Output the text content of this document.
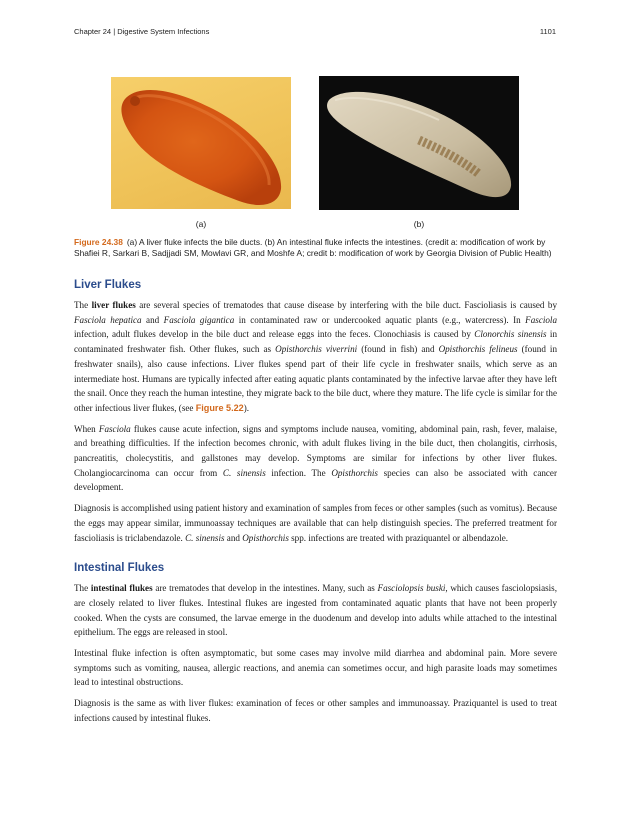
Chapter 24 | Digestive System Infections	1101
(a)	(b)
Figure 24.38 (a) A liver fluke infects the bile ducts. (b) An intestinal fluke infects the intestines. (credit a: modification of work by Shafiei R, Sarkari B, Sadjjadi SM, Mowlavi GR, and Moshfe A; credit b: modification of work by Georgia Division of Public Health)
Liver Flukes

The liver flukes are several species of trematodes that cause disease by interfering with the bile duct. Fascioliasis is caused by Fasciola hepatica and Fasciola gigantica in contaminated raw or undercooked aquatic plants (e.g., watercress). In Fasciola infection, adult flukes develop in the bile duct and release eggs into the feces. Clonochiasis is caused by Clonorchis sinensis in contaminated freshwater fish. Other flukes, such as Opisthorchis viverrini (found in fish) and Opisthorchis felineus (found in freshwater snails), also cause infections. Liver flukes spend part of their life cycle in freshwater snails, which serve as an intermediate host. Humans are typically infected after eating aquatic plants contaminated by the infective larvae after they have left the snail. Once they reach the human intestine, they migrate back to the bile duct, where they mature. The life cycle is similar for the other infectious liver flukes, (see Figure 5.22).

When Fasciola flukes cause acute infection, signs and symptoms include nausea, vomiting, abdominal pain, rash, fever, malaise, and breathing difficulties. If the infection becomes chronic, with adult flukes living in the bile duct, then cholangitis, cirrhosis, pancreatitis, cholecystitis, and gallstones may develop. Symptoms are similar for infections by other liver flukes. Cholangiocarcinoma can occur from C. sinensis infection. The Opisthorchis species can also be associated with cancer development.

Diagnosis is accomplished using patient history and examination of samples from feces or other samples (such as vomitus). Because the eggs may appear similar, immunoassay techniques are available that can help distinguish species. The preferred treatment for fascioliasis is triclabendazole. C. sinensis and Opisthorchis spp. infections are treated with praziquantel or albendazole.

Intestinal Flukes

The intestinal flukes are trematodes that develop in the intestines. Many, such as Fasciolopsis buski, which causes fasciolopsiasis, are closely related to liver flukes. Intestinal flukes are ingested from contaminated aquatic plants that have not been properly cooked. When the cysts are consumed, the larvae emerge in the duodenum and develop into adults while attached to the intestinal epithelium. The eggs are released in stool.

Intestinal fluke infection is often asymptomatic, but some cases may involve mild diarrhea and abdominal pain. More severe symptoms such as vomiting, nausea, allergic reactions, and anemia can sometimes occur, and high parasite loads may sometimes lead to intestinal obstructions.

Diagnosis is the same as with liver flukes: examination of feces or other samples and immunoassay. Praziquantel is used to treat infections caused by intestinal flukes.
